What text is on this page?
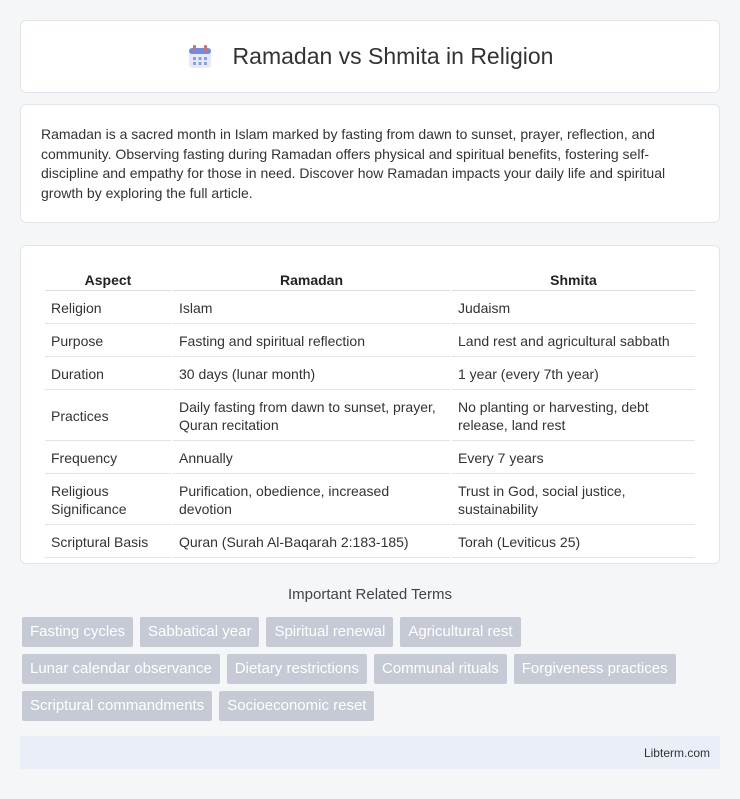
Ramadan vs Shmita in Religion

Ramadan is a sacred month in Islam marked by fasting from dawn to sunset, prayer, reflection, and community. Observing fasting during Ramadan offers physical and spiritual benefits, fostering self-discipline and empathy for those in need. Discover how Ramadan impacts your daily life and spiritual growth by exploring the full article.

Aspect	Ramadan	Shmita
Religion	Islam	Judaism
Purpose	Fasting and spiritual reflection	Land rest and agricultural sabbath
Duration	30 days (lunar month)	1 year (every 7th year)
Practices	Daily fasting from dawn to sunset, prayer, Quran recitation	No planting or harvesting, debt release, land rest
Frequency	Annually	Every 7 years
Religious Significance	Purification, obedience, increased devotion	Trust in God, social justice, sustainability
Scriptural Basis	Quran (Surah Al-Baqarah 2:183-185)	Torah (Leviticus 25)
Important Related Terms
Fasting cycles	Sabbatical year	Spiritual renewal	Agricultural rest
Lunar calendar observance	Dietary restrictions	Communal rituals	Forgiveness practices
Scriptural commandments	Socioeconomic reset
Libterm.com
